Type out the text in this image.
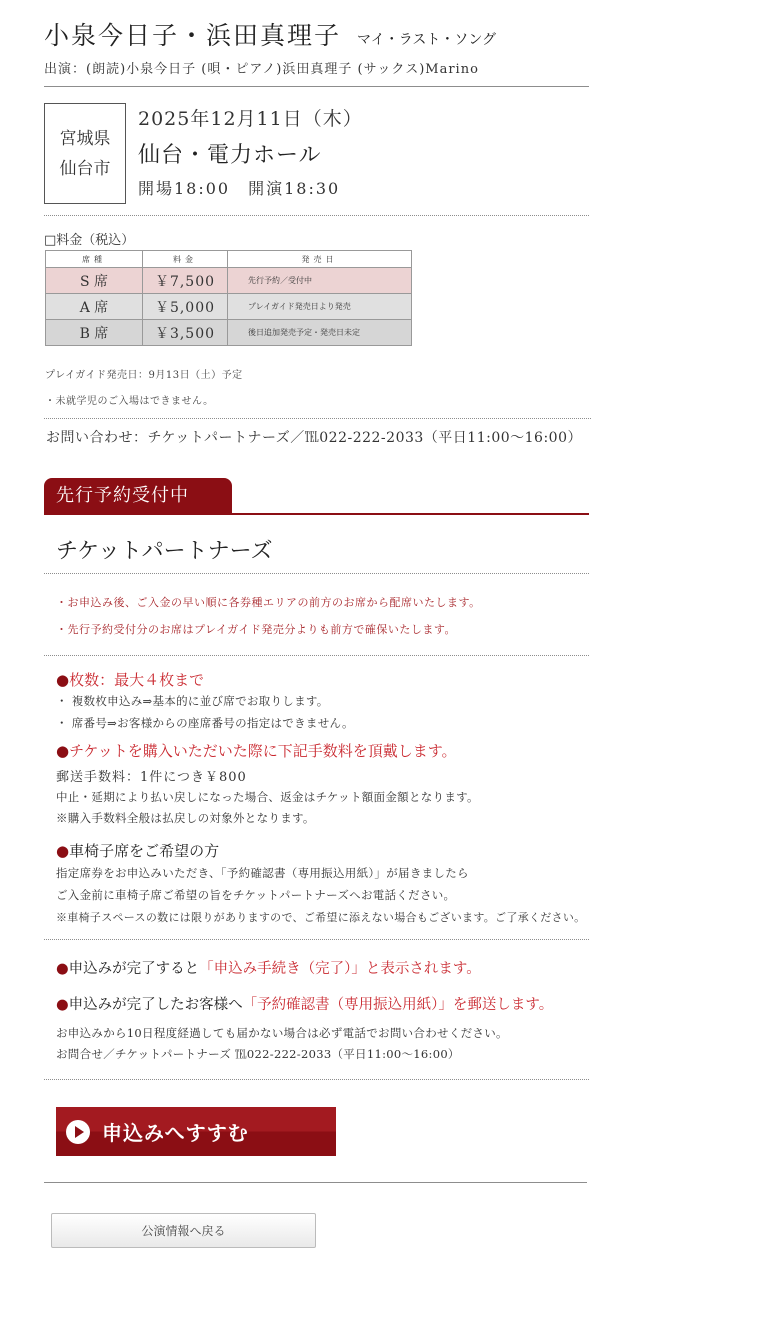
小泉今日子・浜田真理子 マイ・ラスト・ソング
出演：(朗読)小泉今日子 (唄・ピアノ)浜田真理子 (サックス)Marino
宮城県
仙台市
2025年12月11日（木）
仙台・電力ホール
開場18:00　開演18:30
□料金（税込）
席種	料金	発売日
S 席	￥7,500	先行予約／受付中
A 席	￥5,000	プレイガイド発売日より発売
B 席	￥3,500	後日追加発売予定・発売日未定
プレイガイド発売日：9月13日（土）予定
・未就学児のご入場はできません。
お問い合わせ：チケットパートナーズ／℡022-222-2033（平日11:00〜16:00）
先行予約受付中
チケットパートナーズ
・お申込み後、ご入金の早い順に各券種エリアの前方のお席から配席いたします。
・先行予約受付分のお席はプレイガイド発売分よりも前方で確保いたします。
●枚数：最大４枚まで
・ 複数枚申込み⇒基本的に並び席でお取りします。
・ 席番号⇒お客様からの座席番号の指定はできません。
●チケットを購入いただいた際に下記手数料を頂戴します。
郵送手数料：1件につき￥800
中止・延期により払い戻しになった場合、返金はチケット額面金額となります。
※購入手数料全般は払戻しの対象外となります。
●車椅子席をご希望の方
指定席券をお申込みいただき、「予約確認書（専用振込用紙）」が届きましたら
ご入金前に車椅子席ご希望の旨をチケットパートナーズへお電話ください。
※車椅子スペースの数には限りがありますので、ご希望に添えない場合もございます。ご了承ください。
●申込みが完了すると「申込み手続き（完了）」と表示されます。
●申込みが完了したお客様へ「予約確認書（専用振込用紙）」を郵送します。
お申込みから10日程度経過しても届かない場合は必ず電話でお問い合わせください。
お問合せ／チケットパートナーズ ℡022-222-2033（平日11:00〜16:00）
申込みへすすむ
公演情報へ戻る
